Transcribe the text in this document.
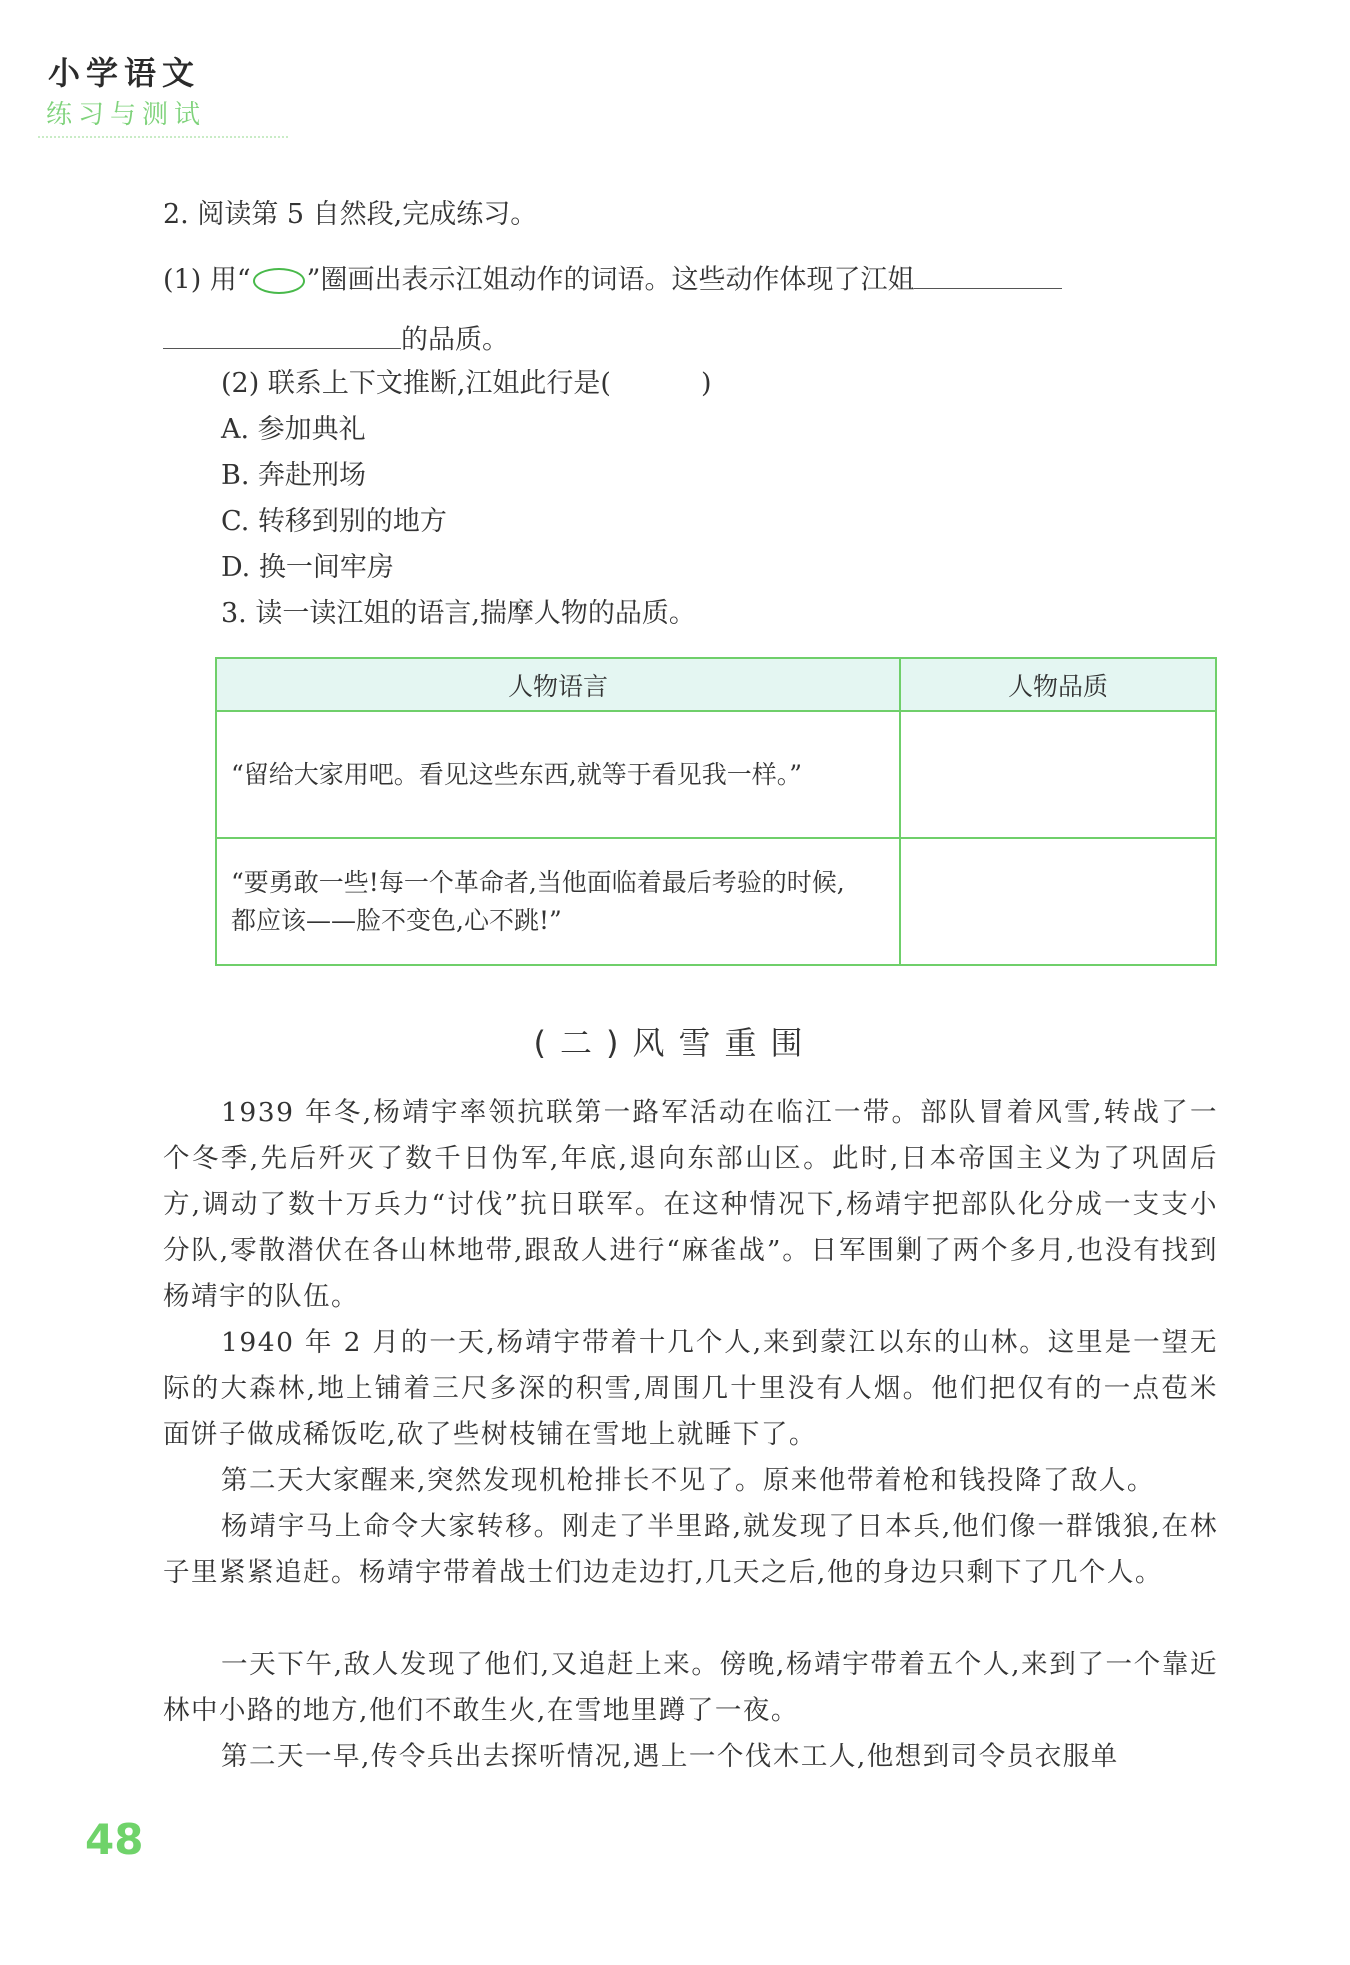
小学语文
练习与测试
2. 阅读第 5 自然段,完成练习。
(1) 用“ ○ ”圈画出表示江姐动作的词语。这些动作体现了江姐
的品质。
(2) 联系上下文推断,江姐此行是(	)
A. 参加典礼
B. 奔赴刑场
C. 转移到别的地方
D. 换一间牢房
3. 读一读江姐的语言,揣摩人物的品质。
人物语言	人物品质
“留给大家用吧。看见这些东西,就等于看见我一样。”	

“要勇敢一些!每一个革命者,当他面临着最后考验的时候,
都应该——脸不变色,心不跳!”	

(二)风雪重围
1939 年冬,杨靖宇率领抗联第一路军活动在临江一带。部队冒着风雪,转战了一个冬季,先后歼灭了数千日伪军,年底,退向东部山区。此时,日本帝国主义为了巩固后方,调动了数十万兵力“讨伐”抗日联军。在这种情况下,杨靖宇把部队化分成一支支小分队,零散潜伏在各山林地带,跟敌人进行“麻雀战”。日军围剿了两个多月,也没有找到杨靖宇的队伍。
1940 年 2 月的一天,杨靖宇带着十几个人,来到蒙江以东的山林。这里是一望无际的大森林,地上铺着三尺多深的积雪,周围几十里没有人烟。他们把仅有的一点苞米面饼子做成稀饭吃,砍了些树枝铺在雪地上就睡下了。
第二天大家醒来,突然发现机枪排长不见了。原来他带着枪和钱投降了敌人。
杨靖宇马上命令大家转移。刚走了半里路,就发现了日本兵,他们像一群饿狼,在林子里紧紧追赶。杨靖宇带着战士们边走边打,几天之后,他的身边只剩下了几个人。
一天下午,敌人发现了他们,又追赶上来。傍晚,杨靖宇带着五个人,来到了一个靠近林中小路的地方,他们不敢生火,在雪地里蹲了一夜。
第二天一早,传令兵出去探听情况,遇上一个伐木工人,他想到司令员衣服单
48
